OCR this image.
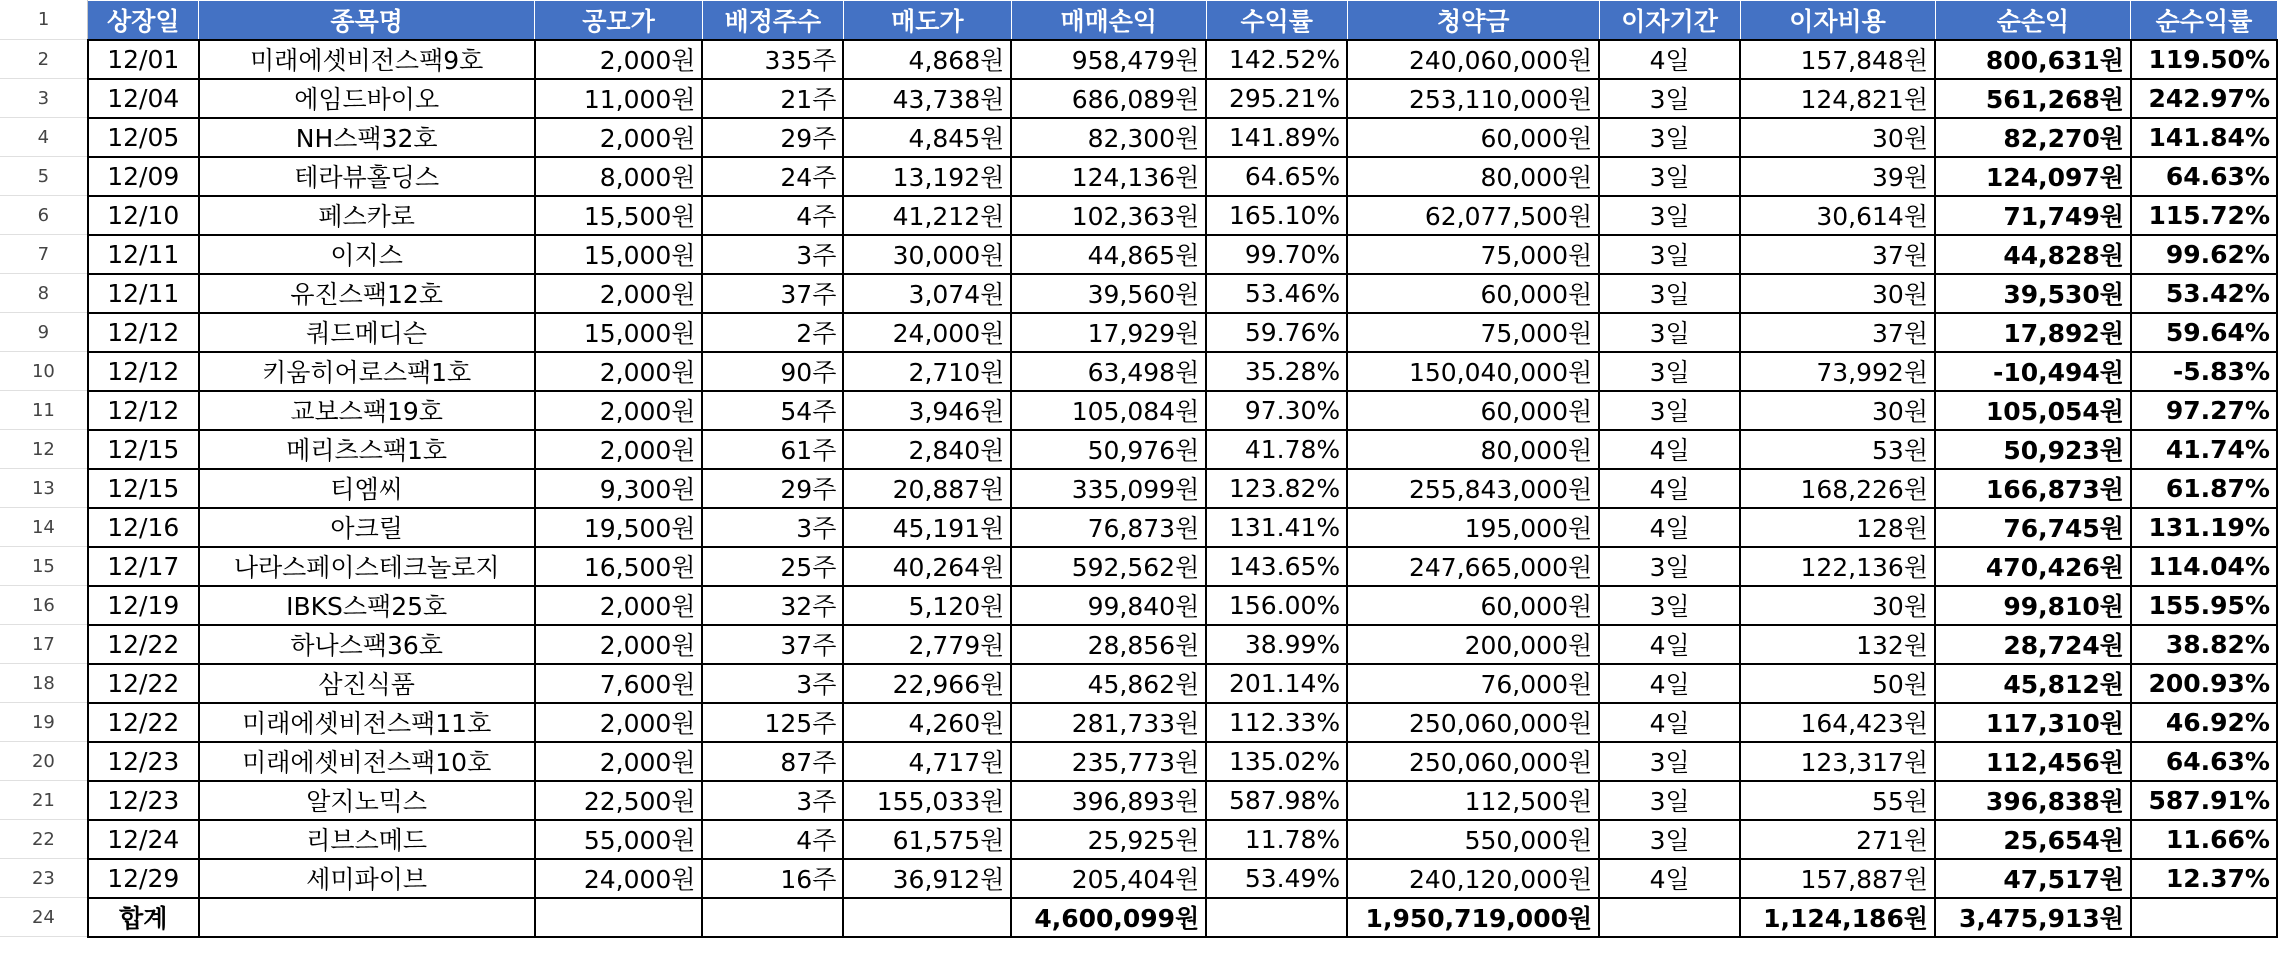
1	상장일	종목명	공모가	배정주수	매도가	매매손익	수익률	청약금	이자기간	이자비용	순손익	순수익률
2	12/01	미래에셋비전스팩9호	2,000원	335주	4,868원	958,479원	142.52%	240,060,000원	4일	157,848원	800,631원	119.50%
3	12/04	에임드바이오	11,000원	21주	43,738원	686,089원	295.21%	253,110,000원	3일	124,821원	561,268원	242.97%
4	12/05	NH스팩32호	2,000원	29주	4,845원	82,300원	141.89%	60,000원	3일	30원	82,270원	141.84%
5	12/09	테라뷰홀딩스	8,000원	24주	13,192원	124,136원	64.65%	80,000원	3일	39원	124,097원	64.63%
6	12/10	페스카로	15,500원	4주	41,212원	102,363원	165.10%	62,077,500원	3일	30,614원	71,749원	115.72%
7	12/11	이지스	15,000원	3주	30,000원	44,865원	99.70%	75,000원	3일	37원	44,828원	99.62%
8	12/11	유진스팩12호	2,000원	37주	3,074원	39,560원	53.46%	60,000원	3일	30원	39,530원	53.42%
9	12/12	쿼드메디슨	15,000원	2주	24,000원	17,929원	59.76%	75,000원	3일	37원	17,892원	59.64%
10	12/12	키움히어로스팩1호	2,000원	90주	2,710원	63,498원	35.28%	150,040,000원	3일	73,992원	-10,494원	-5.83%
11	12/12	교보스팩19호	2,000원	54주	3,946원	105,084원	97.30%	60,000원	3일	30원	105,054원	97.27%
12	12/15	메리츠스팩1호	2,000원	61주	2,840원	50,976원	41.78%	80,000원	4일	53원	50,923원	41.74%
13	12/15	티엠씨	9,300원	29주	20,887원	335,099원	123.82%	255,843,000원	4일	168,226원	166,873원	61.87%
14	12/16	아크릴	19,500원	3주	45,191원	76,873원	131.41%	195,000원	4일	128원	76,745원	131.19%
15	12/17	나라스페이스테크놀로지	16,500원	25주	40,264원	592,562원	143.65%	247,665,000원	3일	122,136원	470,426원	114.04%
16	12/19	IBKS스팩25호	2,000원	32주	5,120원	99,840원	156.00%	60,000원	3일	30원	99,810원	155.95%
17	12/22	하나스팩36호	2,000원	37주	2,779원	28,856원	38.99%	200,000원	4일	132원	28,724원	38.82%
18	12/22	삼진식품	7,600원	3주	22,966원	45,862원	201.14%	76,000원	4일	50원	45,812원	200.93%
19	12/22	미래에셋비전스팩11호	2,000원	125주	4,260원	281,733원	112.33%	250,060,000원	4일	164,423원	117,310원	46.92%
20	12/23	미래에셋비전스팩10호	2,000원	87주	4,717원	235,773원	135.02%	250,060,000원	3일	123,317원	112,456원	64.63%
21	12/23	알지노믹스	22,500원	3주	155,033원	396,893원	587.98%	112,500원	3일	55원	396,838원	587.91%
22	12/24	리브스메드	55,000원	4주	61,575원	25,925원	11.78%	550,000원	3일	271원	25,654원	11.66%
23	12/29	세미파이브	24,000원	16주	36,912원	205,404원	53.49%	240,120,000원	4일	157,887원	47,517원	12.37%
24	합계					4,600,099원		1,950,719,000원		1,124,186원	3,475,913원	
